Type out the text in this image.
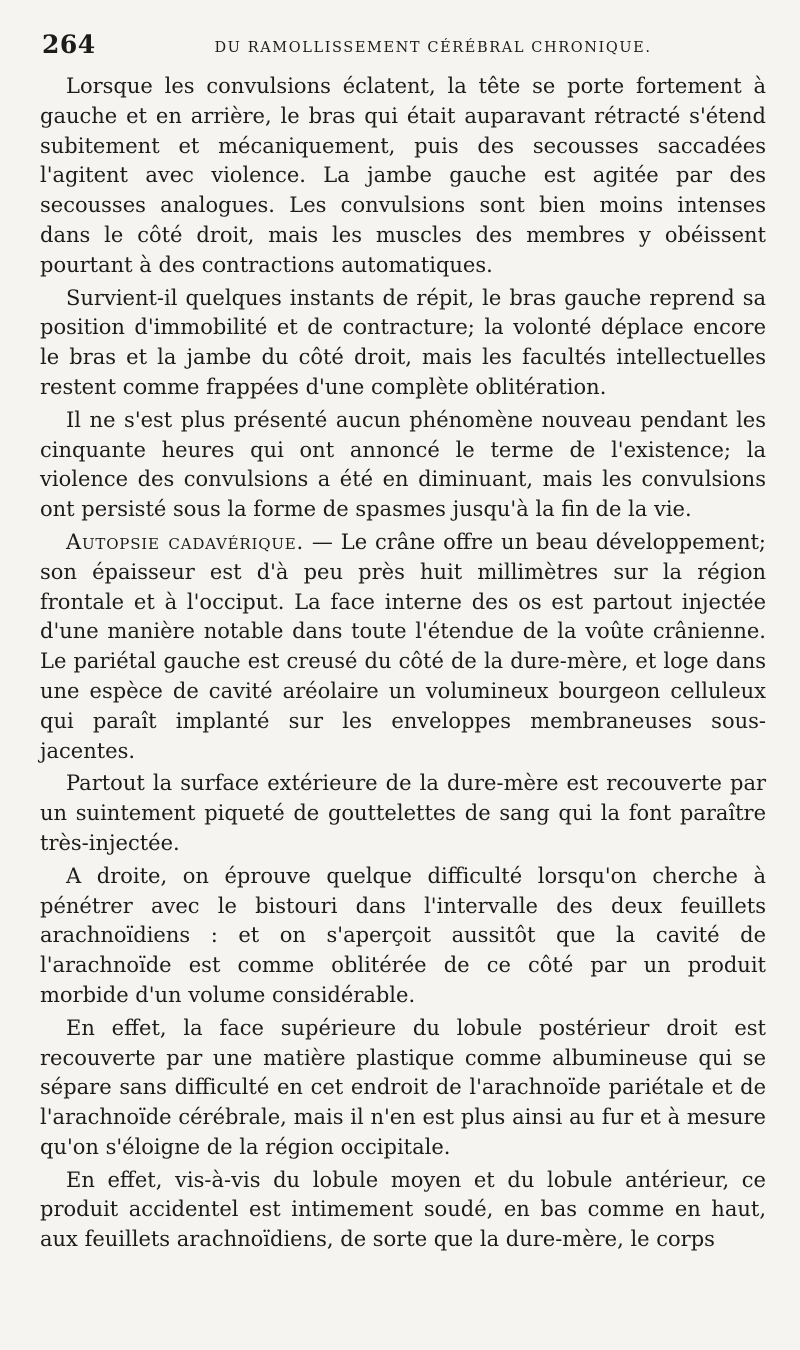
264	DU RAMOLLISSEMENT CÉRÉBRAL CHRONIQUE.

Lorsque les convulsions éclatent, la tête se porte fortement à gauche et en arrière, le bras qui était auparavant rétracté s'étend subitement et mécaniquement, puis des secousses saccadées l'agitent avec violence. La jambe gauche est agitée par des secousses analogues. Les convulsions sont bien moins intenses dans le côté droit, mais les muscles des membres y obéissent pourtant à des contractions automatiques.

Survient-il quelques instants de répit, le bras gauche reprend sa position d'immobilité et de contracture; la volonté déplace encore le bras et la jambe du côté droit, mais les facultés intellectuelles restent comme frappées d'une complète oblitération.

Il ne s'est plus présenté aucun phénomène nouveau pendant les cinquante heures qui ont annoncé le terme de l'existence; la violence des convulsions a été en diminuant, mais les convulsions ont persisté sous la forme de spasmes jusqu'à la fin de la vie.

Autopsie cadavérique. — Le crâne offre un beau développement; son épaisseur est d'à peu près huit millimètres sur la région frontale et à l'occiput. La face interne des os est partout injectée d'une manière notable dans toute l'étendue de la voûte crânienne. Le pariétal gauche est creusé du côté de la dure-mère, et loge dans une espèce de cavité aréolaire un volumineux bourgeon celluleux qui paraît implanté sur les enveloppes membraneuses sous-jacentes.

Partout la surface extérieure de la dure-mère est recouverte par un suintement piqueté de gouttelettes de sang qui la font paraître très-injectée.

A droite, on éprouve quelque difficulté lorsqu'on cherche à pénétrer avec le bistouri dans l'intervalle des deux feuillets arachnoïdiens : et on s'aperçoit aussitôt que la cavité de l'arachnoïde est comme oblitérée de ce côté par un produit morbide d'un volume considérable.

En effet, la face supérieure du lobule postérieur droit est recouverte par une matière plastique comme albumineuse qui se sépare sans difficulté en cet endroit de l'arachnoïde pariétale et de l'arachnoïde cérébrale, mais il n'en est plus ainsi au fur et à mesure qu'on s'éloigne de la région occipitale.

En effet, vis-à-vis du lobule moyen et du lobule antérieur, ce produit accidentel est intimement soudé, en bas comme en haut, aux feuillets arachnoïdiens, de sorte que la dure-mère, le corps
